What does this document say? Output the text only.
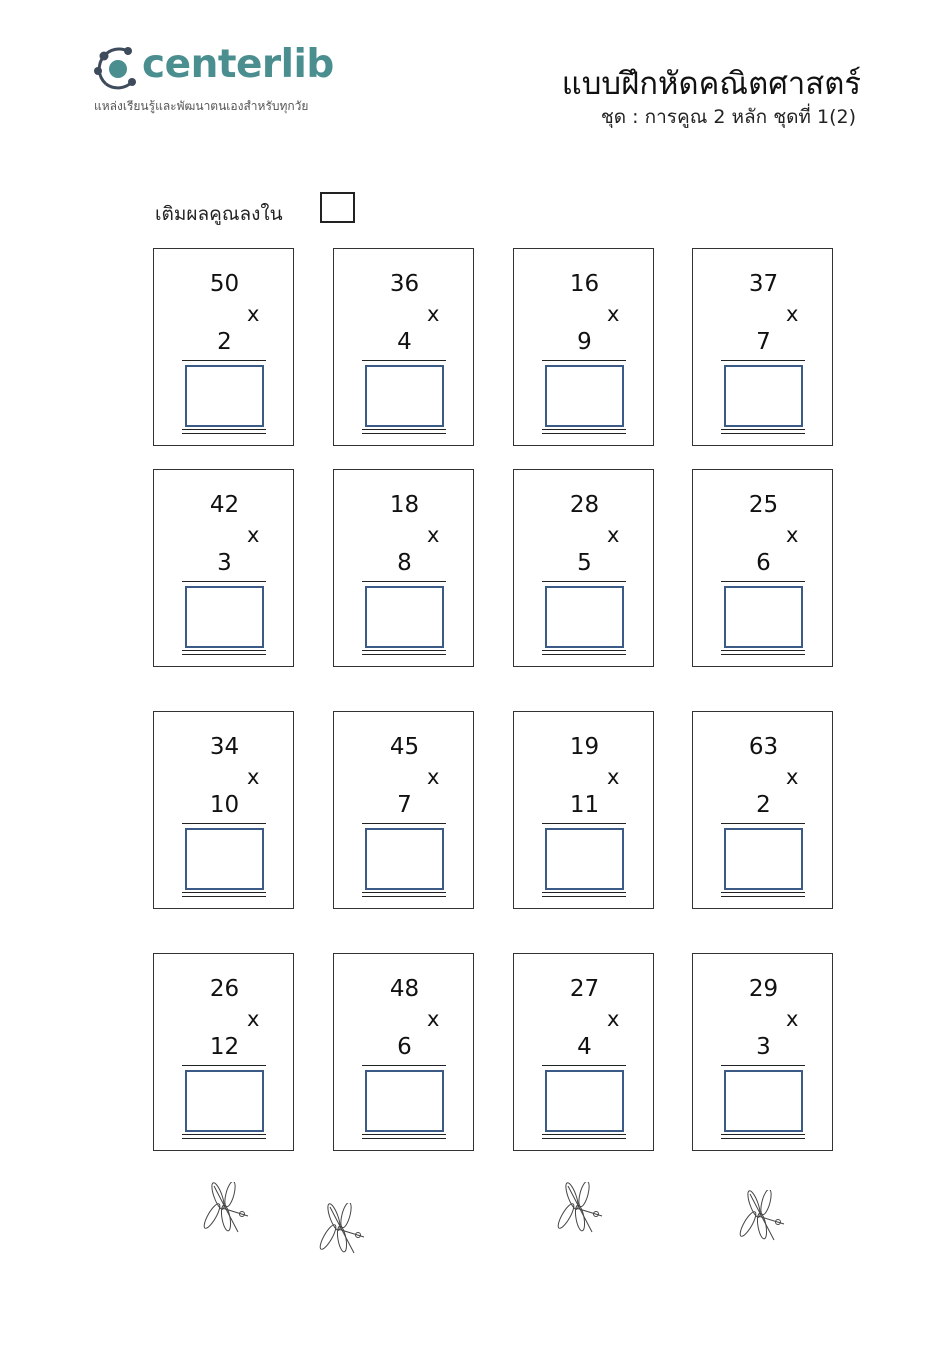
centerlib
แหล่งเรียนรู้และพัฒนาตนเองสำหรับทุกวัย
แบบฝึกหัดคณิตศาสตร์
ชุด : การคูณ 2 หลัก ชุดที่ 1(2)
เติมผลคูณลงใน
50
x
2
36
x
4
16
x
9
37
x
7
42
x
3
18
x
8
28
x
5
25
x
6
34
x
10
45
x
7
19
x
11
63
x
2
26
x
12
48
x
6
27
x
4
29
x
3
